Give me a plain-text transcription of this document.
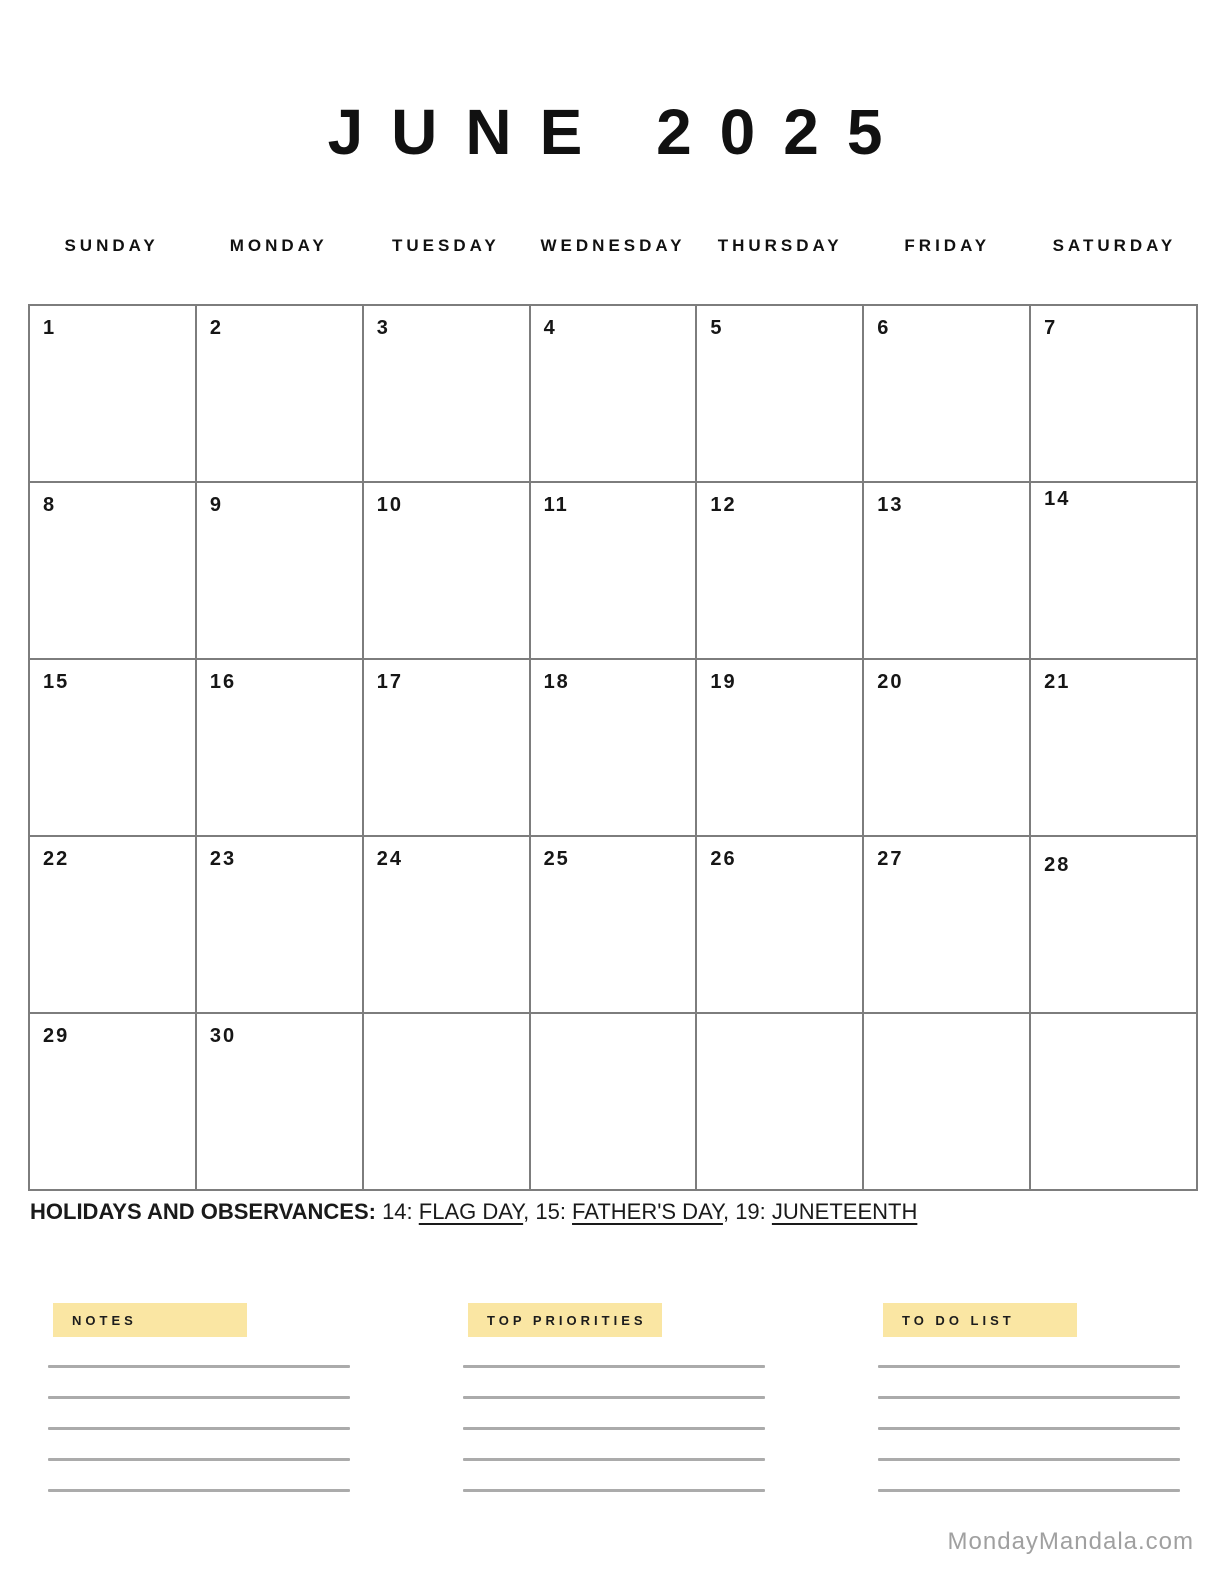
JUNE 2025
SUNDAY	MONDAY	TUESDAY	WEDNESDAY	THURSDAY	FRIDAY	SATURDAY
1	2	3	4	5	6	7
8	9	10	11	12	13	14
15	16	17	18	19	20	21
22	23	24	25	26	27	28
29	30

HOLIDAYS AND OBSERVANCES: 14: FLAG DAY, 15: FATHER'S DAY, 19: JUNETEENTH

NOTES	TOP PRIORITIES	TO DO LIST
MondayMandala.com
